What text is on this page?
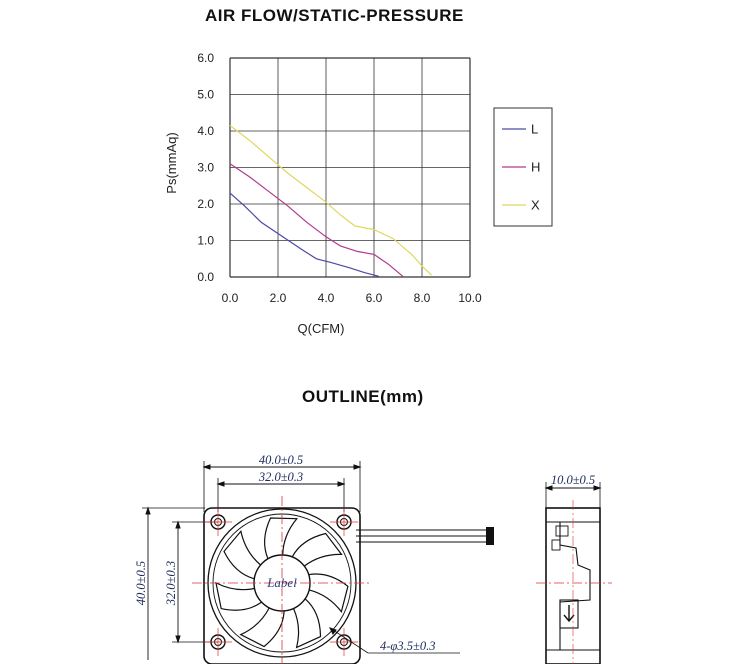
AIR FLOW/STATIC-PRESSURE
OUTLINE(mm)
0.0
1.0
2.0
3.0
4.0
5.0
6.0
0.0	2.0	4.0	6.0	8.0 10.0
Q(CFM)
Ps(mmAq)
L
H
X
40.0±0.5
32.0±0.3
40.0±0.5 32.0±0.3
10.0±0.5
4-φ3.5±0.3
Label
